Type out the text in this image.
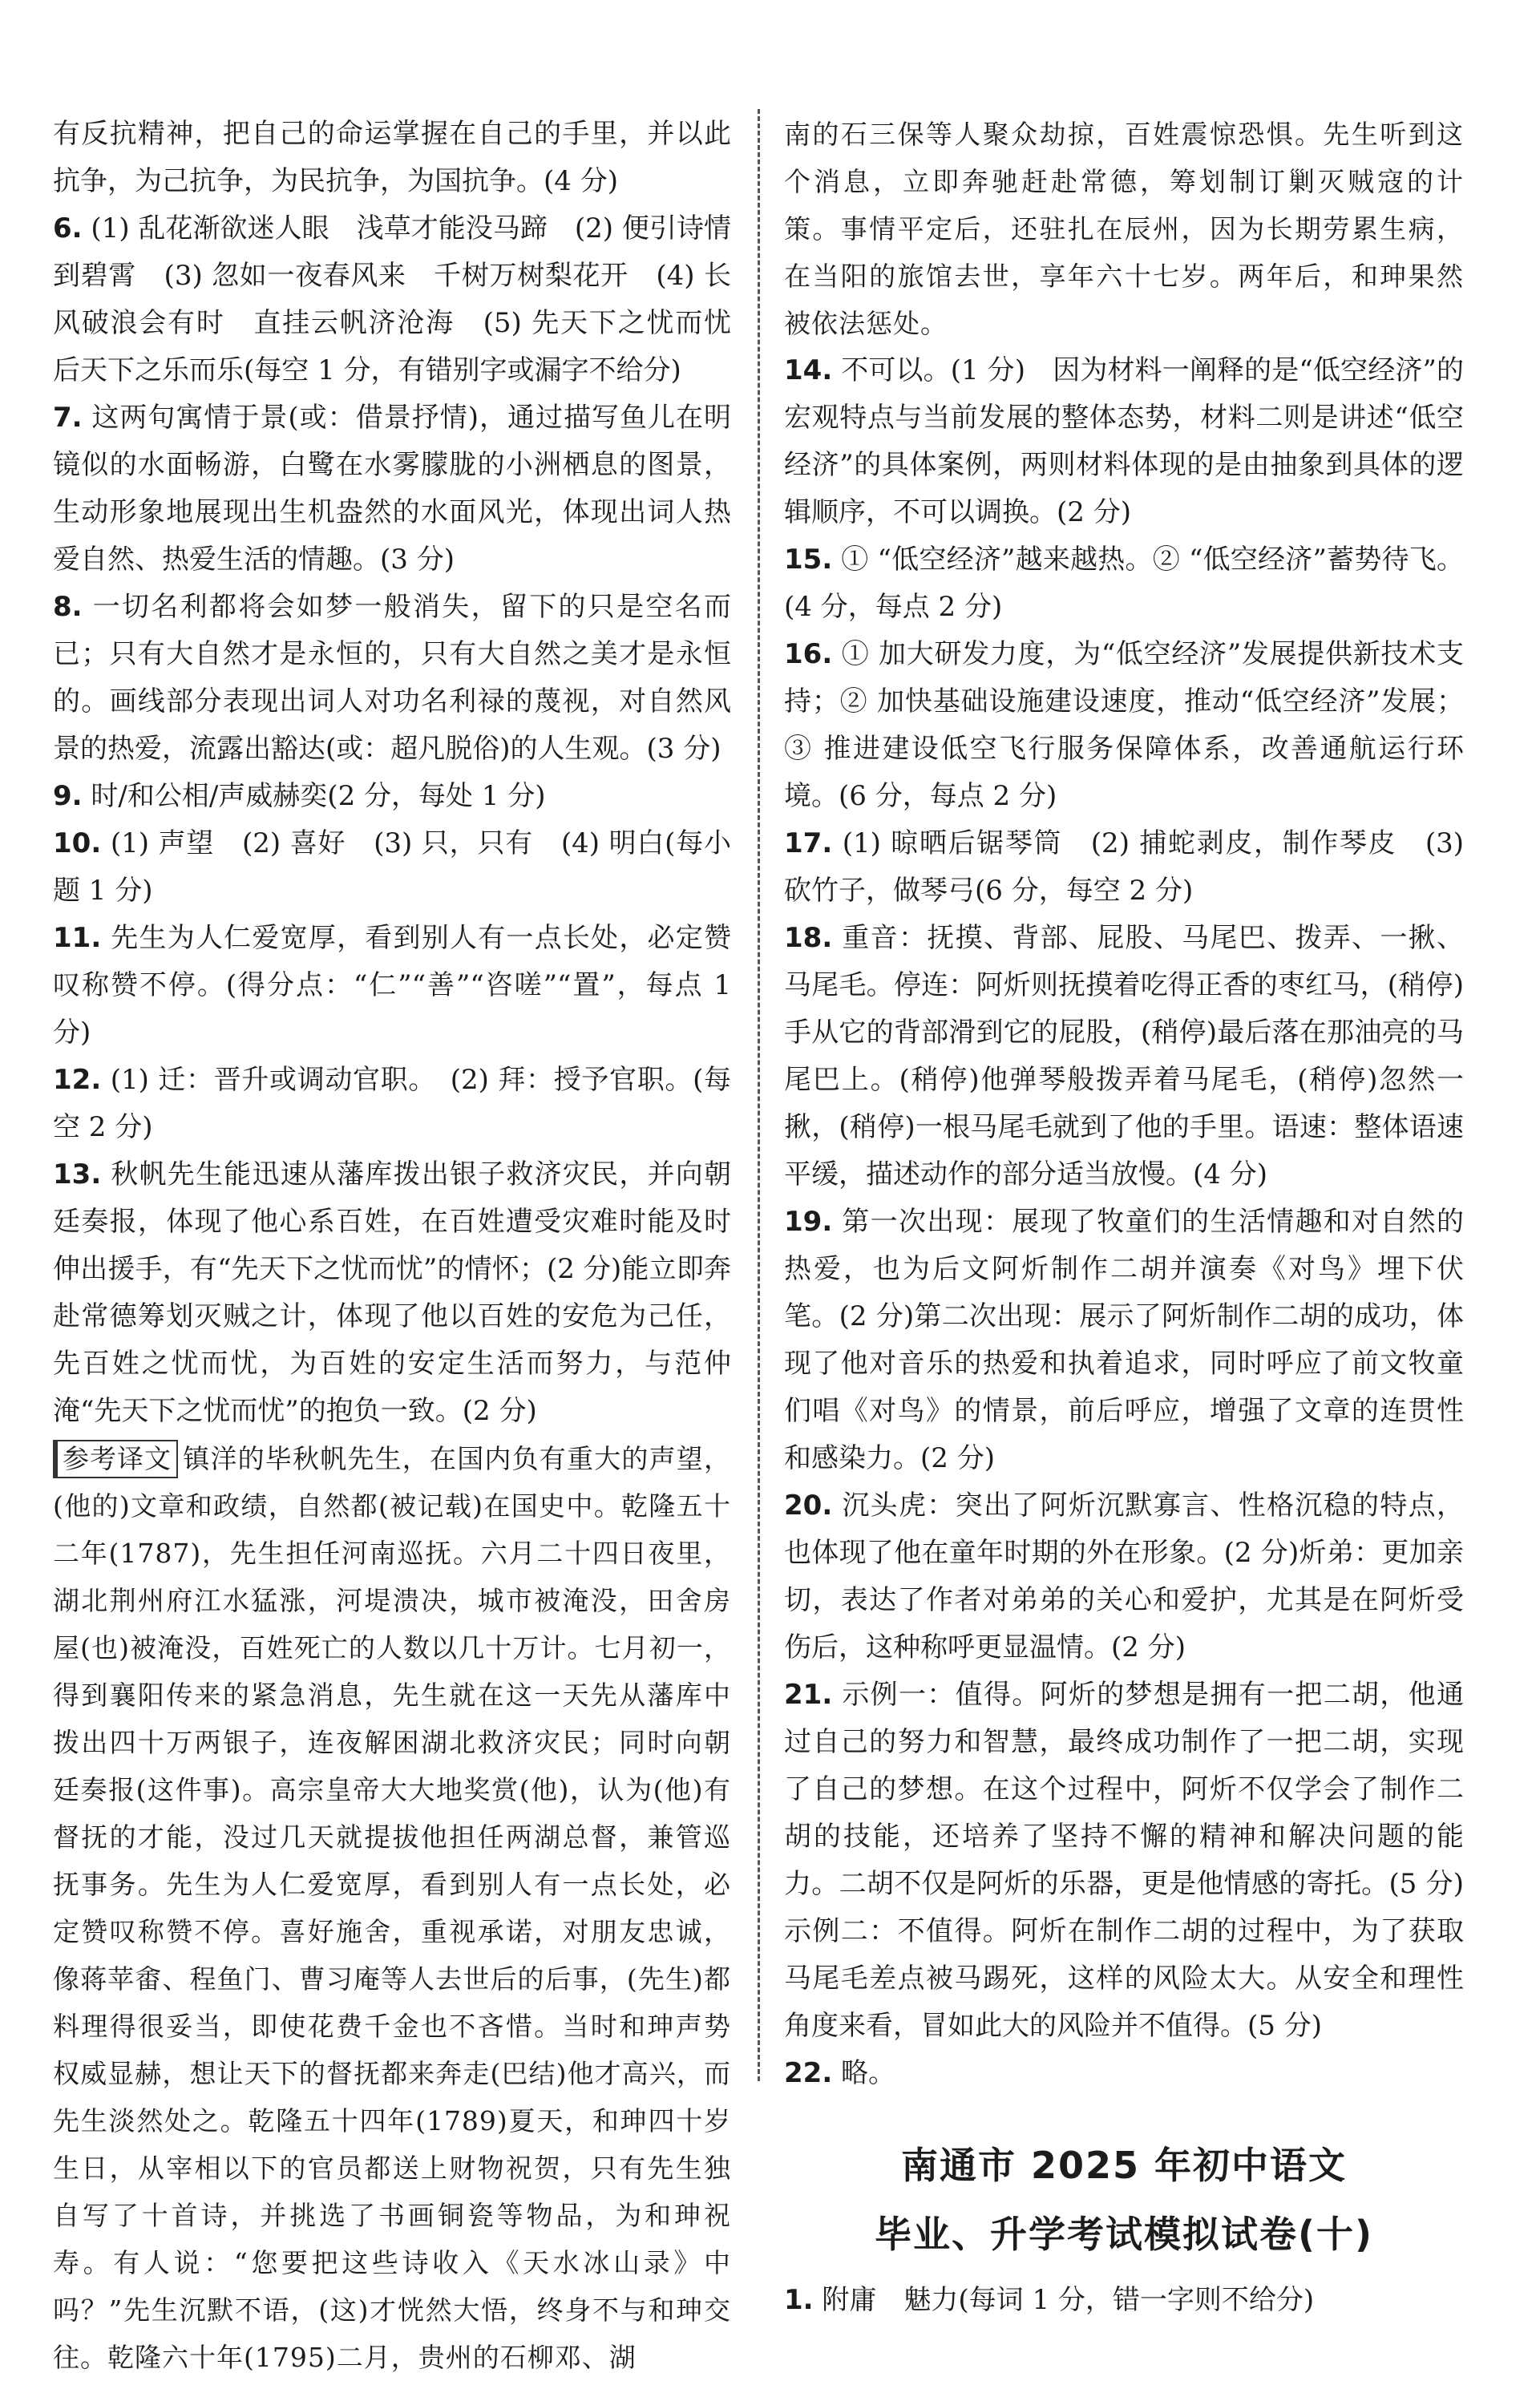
有反抗精神，把自己的命运掌握在自己的手里，并以此抗争，为己抗争，为民抗争，为国抗争。(4 分)

6. (1) 乱花渐欲迷人眼　浅草才能没马蹄　(2) 便引诗情到碧霄　(3) 忽如一夜春风来　千树万树梨花开　(4) 长风破浪会有时　直挂云帆济沧海　(5) 先天下之忧而忧　后天下之乐而乐(每空 1 分，有错别字或漏字不给分)

7. 这两句寓情于景(或：借景抒情)，通过描写鱼儿在明镜似的水面畅游，白鹭在水雾朦胧的小洲栖息的图景，生动形象地展现出生机盎然的水面风光，体现出词人热爱自然、热爱生活的情趣。(3 分)

8. 一切名利都将会如梦一般消失，留下的只是空名而已；只有大自然才是永恒的，只有大自然之美才是永恒的。画线部分表现出词人对功名利禄的蔑视，对自然风景的热爱，流露出豁达(或：超凡脱俗)的人生观。(3 分)

9. 时/和公相/声威赫奕(2 分，每处 1 分)

10. (1) 声望　(2) 喜好　(3) 只，只有　(4) 明白(每小题 1 分)

11. 先生为人仁爱宽厚，看到别人有一点长处，必定赞叹称赞不停。(得分点：“仁”“善”“咨嗟”“置”，每点 1 分)

12. (1) 迁：晋升或调动官职。　(2) 拜：授予官职。(每空 2 分)

13. 秋帆先生能迅速从藩库拨出银子救济灾民，并向朝廷奏报，体现了他心系百姓，在百姓遭受灾难时能及时伸出援手，有“先天下之忧而忧”的情怀；(2 分)能立即奔赴常德筹划灭贼之计，体现了他以百姓的安危为己任，先百姓之忧而忧，为百姓的安定生活而努力，与范仲淹“先天下之忧而忧”的抱负一致。(2 分)

参考译文 镇洋的毕秋帆先生，在国内负有重大的声望，(他的)文章和政绩，自然都(被记载)在国史中。乾隆五十二年(1787)，先生担任河南巡抚。六月二十四日夜里，湖北荆州府江水猛涨，河堤溃决，城市被淹没，田舍房屋(也)被淹没，百姓死亡的人数以几十万计。七月初一，得到襄阳传来的紧急消息，先生就在这一天先从藩库中拨出四十万两银子，连夜解困湖北救济灾民；同时向朝廷奏报(这件事)。高宗皇帝大大地奖赏(他)，认为(他)有督抚的才能，没过几天就提拔他担任两湖总督，兼管巡抚事务。先生为人仁爱宽厚，看到别人有一点长处，必定赞叹称赞不停。喜好施舍，重视承诺，对朋友忠诚，像蒋苹畬、程鱼门、曹习庵等人去世后的后事，(先生)都料理得很妥当，即使花费千金也不吝惜。当时和珅声势权威显赫，想让天下的督抚都来奔走(巴结)他才高兴，而先生淡然处之。乾隆五十四年(1789)夏天，和珅四十岁生日，从宰相以下的官员都送上财物祝贺，只有先生独自写了十首诗，并挑选了书画铜瓷等物品，为和珅祝寿。有人说：“您要把这些诗收入《天水冰山录》中吗？”先生沉默不语，(这)才恍然大悟，终身不与和珅交往。乾隆六十年(1795)二月，贵州的石柳邓、湖

南的石三保等人聚众劫掠，百姓震惊恐惧。先生听到这个消息，立即奔驰赶赴常德，筹划制订剿灭贼寇的计策。事情平定后，还驻扎在辰州，因为长期劳累生病，在当阳的旅馆去世，享年六十七岁。两年后，和珅果然被依法惩处。

14. 不可以。(1 分)　因为材料一阐释的是“低空经济”的宏观特点与当前发展的整体态势，材料二则是讲述“低空经济”的具体案例，两则材料体现的是由抽象到具体的逻辑顺序，不可以调换。(2 分)

15. ① “低空经济”越来越热。② “低空经济”蓄势待飞。(4 分，每点 2 分)

16. ① 加大研发力度，为“低空经济”发展提供新技术支持；② 加快基础设施建设速度，推动“低空经济”发展；③ 推进建设低空飞行服务保障体系，改善通航运行环境。(6 分，每点 2 分)

17. (1) 晾晒后锯琴筒　(2) 捕蛇剥皮，制作琴皮　(3) 砍竹子，做琴弓(6 分，每空 2 分)

18. 重音：抚摸、背部、屁股、马尾巴、拨弄、一揪、马尾毛。停连：阿炘则抚摸着吃得正香的枣红马，(稍停)手从它的背部滑到它的屁股，(稍停)最后落在那油亮的马尾巴上。(稍停)他弹琴般拨弄着马尾毛，(稍停)忽然一揪，(稍停)一根马尾毛就到了他的手里。语速：整体语速平缓，描述动作的部分适当放慢。(4 分)

19. 第一次出现：展现了牧童们的生活情趣和对自然的热爱，也为后文阿炘制作二胡并演奏《对鸟》埋下伏笔。(2 分)第二次出现：展示了阿炘制作二胡的成功，体现了他对音乐的热爱和执着追求，同时呼应了前文牧童们唱《对鸟》的情景，前后呼应，增强了文章的连贯性和感染力。(2 分)

20. 沉头虎：突出了阿炘沉默寡言、性格沉稳的特点，也体现了他在童年时期的外在形象。(2 分)炘弟：更加亲切，表达了作者对弟弟的关心和爱护，尤其是在阿炘受伤后，这种称呼更显温情。(2 分)

21. 示例一：值得。阿炘的梦想是拥有一把二胡，他通过自己的努力和智慧，最终成功制作了一把二胡，实现了自己的梦想。在这个过程中，阿炘不仅学会了制作二胡的技能，还培养了坚持不懈的精神和解决问题的能力。二胡不仅是阿炘的乐器，更是他情感的寄托。(5 分)　示例二：不值得。阿炘在制作二胡的过程中，为了获取马尾毛差点被马踢死，这样的风险太大。从安全和理性角度来看，冒如此大的风险并不值得。(5 分)

22. 略。

南通市 2025 年初中语文
毕业、升学考试模拟试卷(十)

1. 附庸　魅力(每词 1 分，错一字则不给分)
